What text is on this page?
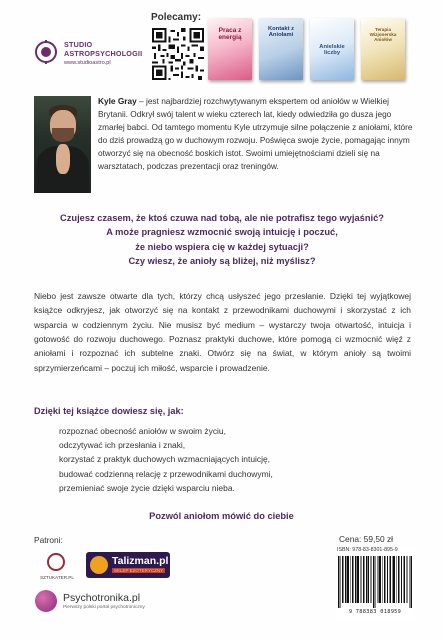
STUDIO
ASTROPSYCHOLOGII
www.studioastro.pl
Polecamy:
Praca z energią
Kontakt z Aniołami
Anielskie liczby
Terapia Wizjonerska Aniołów

Kyle Gray – jest najbardziej rozchwytywanym ekspertem od aniołów w Wielkiej Brytanii. Odkrył swój talent w wieku czterech lat, kiedy odwiedziła go dusza jego zmarłej babci. Od tamtego momentu Kyle utrzymuje silne połączenie z aniołami, które do dziś prowadzą go w duchowym rozwoju. Poświęca swoje życie, pomagając innym otworzyć się na obecność boskich istot. Swoimi umiejętnościami dzieli się na warsztatach, podczas prezentacji oraz treningów.

Czujesz czasem, że ktoś czuwa nad tobą, ale nie potrafisz tego wyjaśnić?
A może pragniesz wzmocnić swoją intuicję i poczuć,
że niebo wspiera cię w każdej sytuacji?
Czy wiesz, że anioły są bliżej, niż myślisz?

Niebo jest zawsze otwarte dla tych, którzy chcą usłyszeć jego przesłanie. Dzięki tej wyjątkowej książce odkryjesz, jak otworzyć się na kontakt z przewodnikami duchowymi i skorzystać z ich wsparcia w codziennym życiu. Nie musisz być medium – wystarczy twoja otwartość, intuicja i gotowość do rozwoju duchowego. Poznasz praktyki duchowe, które pomogą ci wzmocnić więź z aniołami i rozpoznać ich subtelne znaki. Otwórz się na świat, w którym anioły są twoimi sprzymierzeńcami – poczuj ich miłość, wsparcie i prowadzenie.

Dzięki tej książce dowiesz się, jak:
rozpoznać obecność aniołów w swoim życiu,
odczytywać ich przesłania i znaki,
korzystać z praktyk duchowych wzmacniających intuicję,
budować codzienną relację z przewodnikami duchowymi,
przemieniać swoje życie dzięki wsparciu nieba.
Pozwól aniołom mówić do ciebie
Patroni:
SZTUKATER.PL
Talizman.pl
SKLEP EZOTERYCZNY
Psychotronika.pl
Pierwszy polski portal psychotroniczny
Cena: 59,50 zł
ISBN: 978-83-8301-895-9
9 788383 018959
